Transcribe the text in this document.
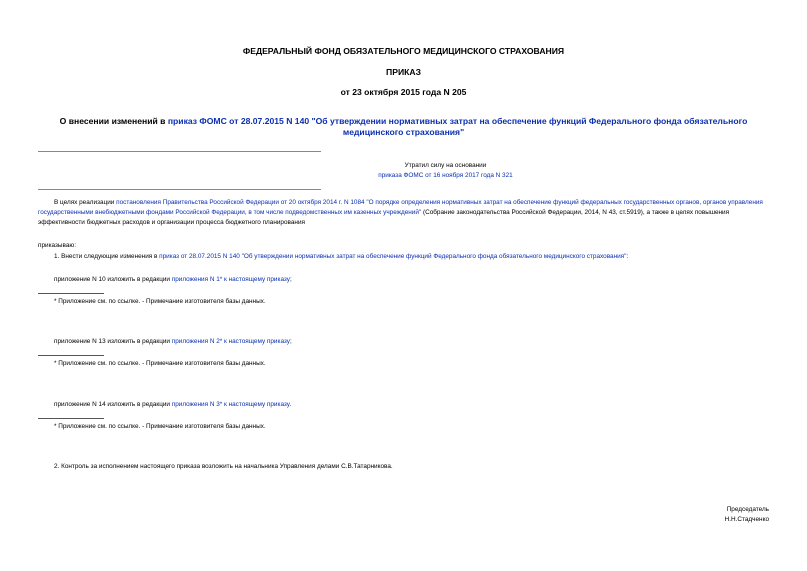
ФЕДЕРАЛЬНЫЙ ФОНД ОБЯЗАТЕЛЬНОГО МЕДИЦИНСКОГО СТРАХОВАНИЯ
ПРИКАЗ
от 23 октября 2015 года N 205
О внесении изменений в приказ ФОМС от 28.07.2015 N 140 "Об утверждении нормативных затрат на обеспечение функций Федерального фонда обязательного медицинского страхования"
Утратил силу на основании
приказа ФОМС от 16 ноября 2017 года N 321
В целях реализации постановления Правительства Российской Федерации от 20 октября 2014 г. N 1084 "О порядке определения нормативных затрат на обеспечение функций федеральных государственных органов, органов управления государственными внебюджетными фондами Российской Федерации, в том числе подведомственных им казенных учреждений" (Собрание законодательства Российской Федерации, 2014, N 43, ст.5919), а также в целях повышения эффективности бюджетных расходов и организации процесса бюджетного планирования
приказываю:
1. Внести следующие изменения в приказ от 28.07.2015 N 140 "Об утверждении нормативных затрат на обеспечение функций Федерального фонда обязательного медицинского страхования":
приложение N 10 изложить в редакции приложения N 1* к настоящему приказу;
* Приложение см. по ссылке. - Примечание изготовителя базы данных.
приложение N 13 изложить в редакции приложения N 2* к настоящему приказу;
* Приложение см. по ссылке. - Примечание изготовителя базы данных.
приложение N 14 изложить в редакции приложения N 3* к настоящему приказу.
* Приложение см. по ссылке. - Примечание изготовителя базы данных.
2. Контроль за исполнением настоящего приказа возложить на начальника Управления делами С.В.Татарникова.
Председатель
Н.Н.Стадченко
